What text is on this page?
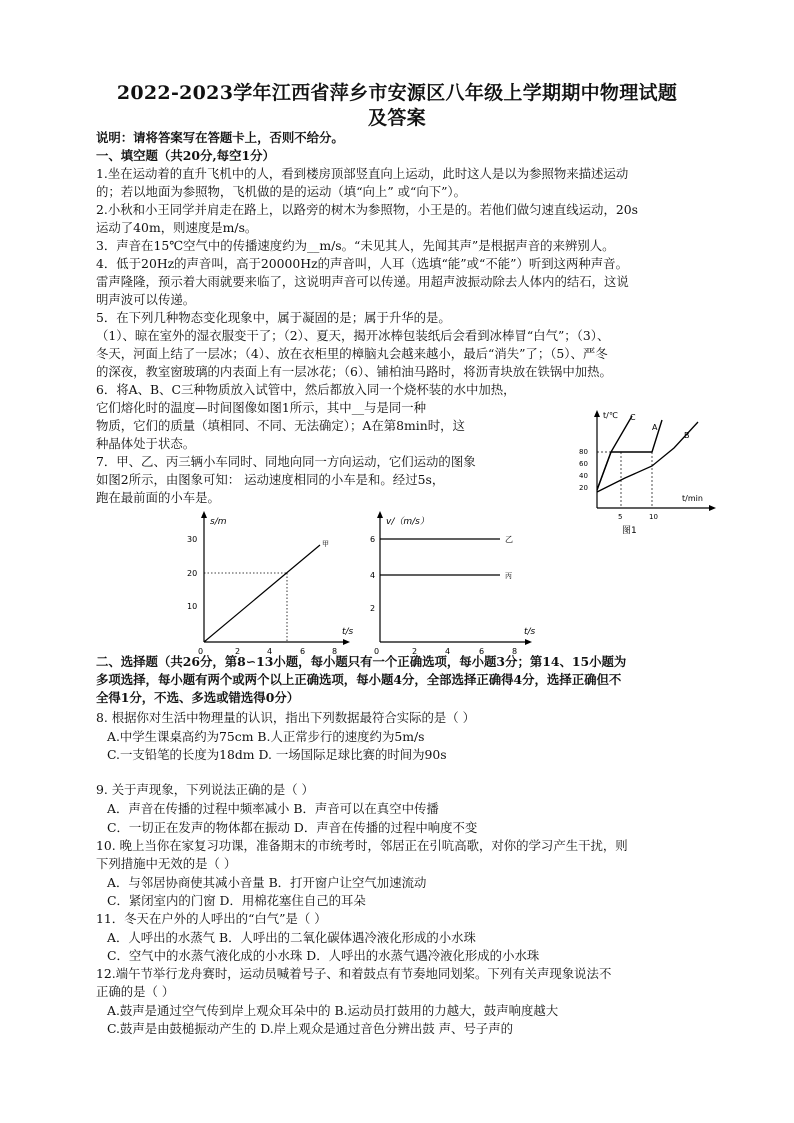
2022-2023学年江西省萍乡市安源区八年级上学期期中物理试题
及答案
说明：请将答案写在答题卡上，否则不给分。
一、填空题（共20分,每空1分）
1.坐在运动着的直升飞机中的人，看到楼房顶部竖直向上运动，此时这人是以为参照物来描述运动
的；若以地面为参照物，飞机做的是的运动（填“向上” 或“向下”）。
2.小秋和小王同学并肩走在路上，以路旁的树木为参照物，小王是的。若他们做匀速直线运动，20s
运动了40m，则速度是m/s。
3．声音在15℃空气中的传播速度约为__m/s。“未见其人，先闻其声”是根据声音的来辨别人。
4．低于20Hz的声音叫，高于20000Hz的声音叫，人耳（选填“能”或“不能”）听到这两种声音。
雷声隆隆，预示着大雨就要来临了，这说明声音可以传递。用超声波振动除去人体内的结石，这说
明声波可以传递。
5．在下列几种物态变化现象中，属于凝固的是；属于升华的是。
（1）、晾在室外的湿衣服变干了；（2）、夏天，揭开冰棒包装纸后会看到冰棒冒“白气”；（3）、
冬天，河面上结了一层冰；（4）、放在衣柜里的樟脑丸会越来越小，最后“消失”了；（5）、严冬
的深夜，教室窗玻璃的内表面上有一层冰花；（6）、铺柏油马路时，将沥青块放在铁锅中加热。
6．将A、B、C三种物质放入试管中，然后都放入同一个烧杯装的水中加热，
它们熔化时的温度—时间图像如图1所示，其中__与是同一种
物质，它们的质量（填相同、不同、无法确定）；A在第8min时，这
种晶体处于状态。
7．甲、乙、丙三辆小车同时、同地向同一方向运动，它们运动的图象
如图2所示，由图象可知： 运动速度相同的小车是和。经过5s，
跑在最前面的小车是。
二、选择题（共26分，第8∽13小题，每小题只有一个正确选项，每小题3分；第14、15小题为
多项选择，每小题有两个或两个以上正确选项，每小题4分，全部选择正确得4分，选择正确但不
全得1分，不选、多选或错选得0分）
8. 根据你对生活中物理量的认识，指出下列数据最符合实际的是（ ）
A.中学生课桌高约为75cm B.人正常步行的速度约为5m/s
C.一支铅笔的长度为18dm D. 一场国际足球比赛的时间为90s
9. 关于声现象，下列说法正确的是（ ）
A．声音在传播的过程中频率减小 B．声音可以在真空中传播
C．一切正在发声的物体都在振动 D．声音在传播的过程中响度不变
10. 晚上当你在家复习功课，准备期末的市统考时，邻居正在引吭高歌，对你的学习产生干扰，则
下列措施中无效的是（ ）
A．与邻居协商使其减小音量 B．打开窗户让空气加速流动
C．紧闭室内的门窗 D．用棉花塞住自己的耳朵
11．冬天在户外的人呼出的“白气”是（ ）
A．人呼出的水蒸气 B．人呼出的二氧化碳体遇冷液化形成的小水珠
C．空气中的水蒸气液化成的小水珠 D．人呼出的水蒸气遇冷液化形成的小水珠
12.端午节举行龙舟赛时，运动员喊着号子、和着鼓点有节奏地同划桨。下列有关声现象说法不
正确的是（ ）
A.鼓声是通过空气传到岸上观众耳朵中的 B.运动员打鼓用的力越大，鼓声响度越大
C.鼓声是由鼓槌振动产生的 D.岸上观众是通过音色分辨出鼓 声、号子声的
t/℃
t/min
80
60
40
20
5	10
C
A
B
图1
s/m
t/s
30
20
10
0	2	4	6	8
甲
v/（m/s）
t/s
6
4
2
0	2	4	6	8
乙
丙
